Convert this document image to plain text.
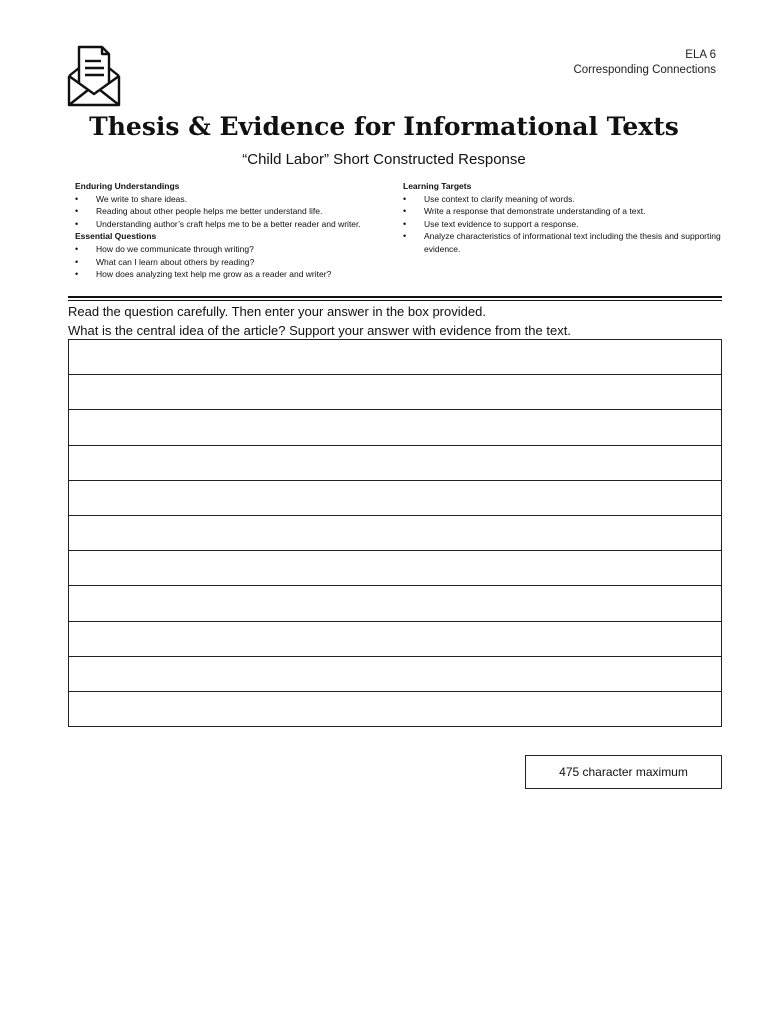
ELA 6
Corresponding Connections
Thesis & Evidence for Informational Texts
“Child Labor” Short Constructed Response
Enduring Understandings
• We write to share ideas.
• Reading about other people helps me better understand life.
• Understanding author’s craft helps me to be a better reader and writer.
Essential Questions
• How do we communicate through writing?
• What can I learn about others by reading?
• How does analyzing text help me grow as a reader and writer?
Learning Targets
• Use context to clarify meaning of words.
• Write a response that demonstrate understanding of a text.
• Use text evidence to support a response.
• Analyze characteristics of informational text including the thesis and supporting evidence.
Read the question carefully. Then enter your answer in the box provided.
What is the central idea of the article? Support your answer with evidence from the text.
475 character maximum
